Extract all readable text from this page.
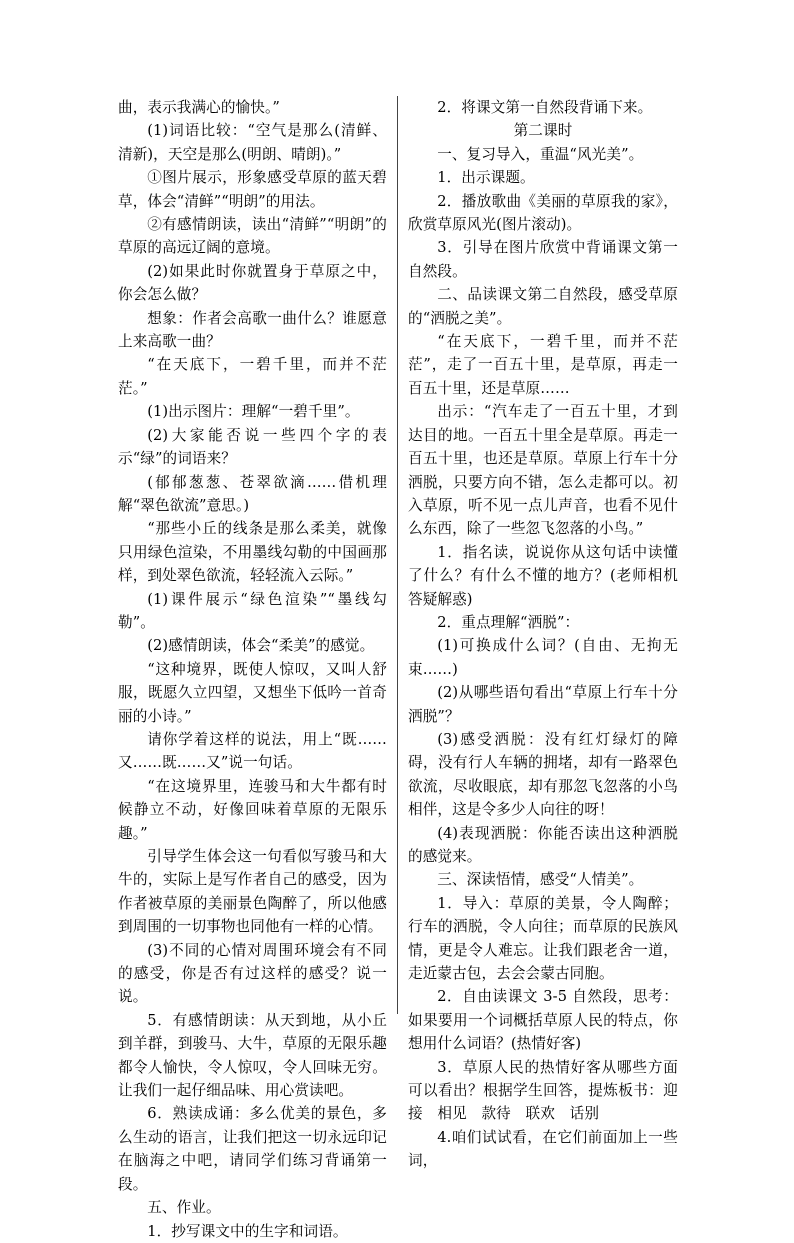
曲，表示我满心的愉快。”

(1)词语比较：“空气是那么(清鲜、清新)，天空是那么(明朗、晴朗)。”

①图片展示，形象感受草原的蓝天碧草，体会“清鲜”“明朗”的用法。

②有感情朗读，读出“清鲜”“明朗”的草原的高远辽阔的意境。

(2)如果此时你就置身于草原之中，你会怎么做？

想象：作者会高歌一曲什么？谁愿意上来高歌一曲？

“在天底下，一碧千里，而并不茫茫。”

(1)出示图片：理解“一碧千里”。

(2)大家能否说一些四个字的表示“绿”的词语来？

(郁郁葱葱、苍翠欲滴……借机理解“翠色欲流”意思。)

“那些小丘的线条是那么柔美，就像只用绿色渲染，不用墨线勾勒的中国画那样，到处翠色欲流，轻轻流入云际。”

(1)课件展示“绿色渲染”“墨线勾勒”。

(2)感情朗读，体会“柔美”的感觉。

“这种境界，既使人惊叹，又叫人舒服，既愿久立四望，又想坐下低吟一首奇丽的小诗。”

请你学着这样的说法，用上“既……又……既……又”说一句话。

“在这境界里，连骏马和大牛都有时候静立不动，好像回味着草原的无限乐趣。”

引导学生体会这一句看似写骏马和大牛的，实际上是写作者自己的感受，因为作者被草原的美丽景色陶醉了，所以他感到周围的一切事物也同他有一样的心情。

(3)不同的心情对周围环境会有不同的感受，你是否有过这样的感受？说一说。

5．有感情朗读：从天到地，从小丘到羊群，到骏马、大牛，草原的无限乐趣都令人愉快，令人惊叹，令人回味无穷。让我们一起仔细品味、用心赏读吧。

6．熟读成诵：多么优美的景色，多么生动的语言，让我们把这一切永远印记在脑海之中吧，请同学们练习背诵第一段。

五、作业。

1．抄写课文中的生字和词语。

2．将课文第一自然段背诵下来。

第二课时

一、复习导入，重温“风光美”。

1．出示课题。

2．播放歌曲《美丽的草原我的家》，欣赏草原风光(图片滚动)。

3．引导在图片欣赏中背诵课文第一自然段。

二、品读课文第二自然段，感受草原的“洒脱之美”。

“在天底下，一碧千里，而并不茫茫”，走了一百五十里，是草原，再走一百五十里，还是草原……

出示：“汽车走了一百五十里，才到达目的地。一百五十里全是草原。再走一百五十里，也还是草原。草原上行车十分洒脱，只要方向不错，怎么走都可以。初入草原，听不见一点儿声音，也看不见什么东西，除了一些忽飞忽落的小鸟。”

1．指名读，说说你从这句话中读懂了什么？有什么不懂的地方？(老师相机答疑解惑)

2．重点理解“洒脱”：

(1)可换成什么词？(自由、无拘无束……)

(2)从哪些语句看出“草原上行车十分洒脱”？

(3)感受洒脱：没有红灯绿灯的障碍，没有行人车辆的拥堵，却有一路翠色欲流，尽收眼底，却有那忽飞忽落的小鸟相伴，这是令多少人向往的呀！

(4)表现洒脱：你能否读出这种洒脱的感觉来。

三、深读悟情，感受“人情美”。

1．导入：草原的美景，令人陶醉；行车的洒脱，令人向往；而草原的民族风情，更是令人难忘。让我们跟老舍一道，走近蒙古包，去会会蒙古同胞。

2．自由读课文 3-5 自然段，思考：如果要用一个词概括草原人民的特点，你想用什么词语？(热情好客)

3．草原人民的热情好客从哪些方面可以看出？根据学生回答，提炼板书：迎接　相见　款待　联欢　话别

4.咱们试试看，在它们前面加上一些词，
